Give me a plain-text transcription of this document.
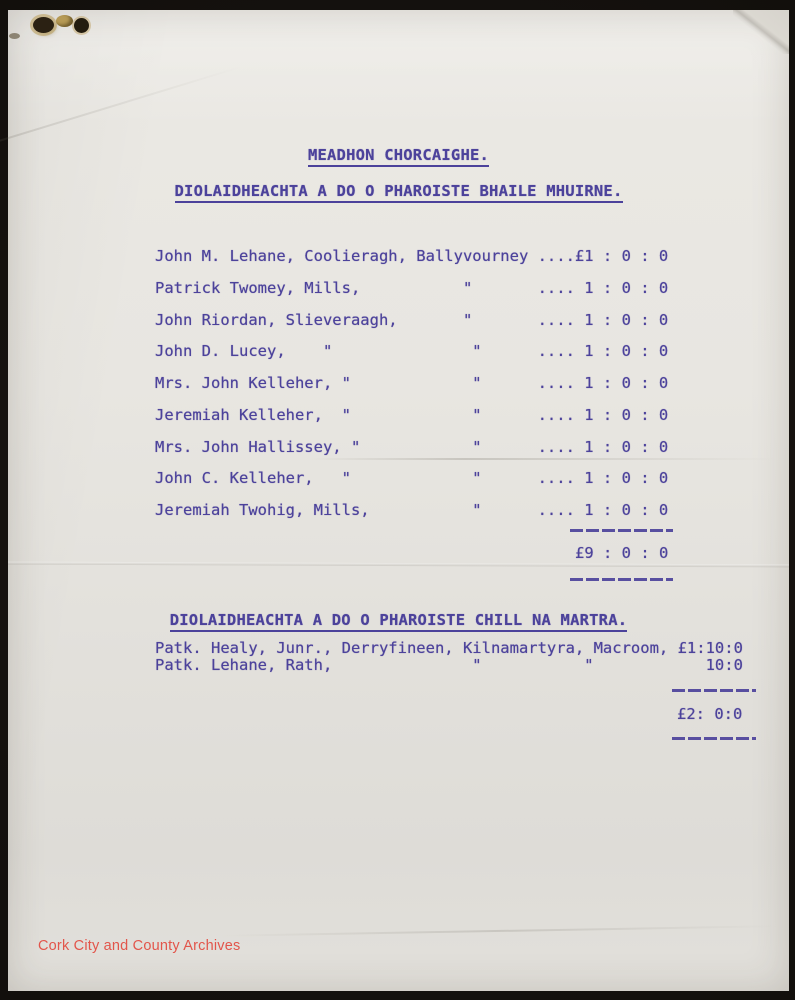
MEADHON CHORCAIGHE.
DIOLAIDHEACHTA A DO O PHAROISTE BHAILE MHUIRNE.
John M. Lehane, Coolieragh, Ballyvourney ....£1 : 0 : 0
Patrick Twomey, Mills,           "       .... 1 : 0 : 0
John Riordan, Slieveraagh,       "       .... 1 : 0 : 0
John D. Lucey,    "               "      .... 1 : 0 : 0
Mrs. John Kelleher, "             "      .... 1 : 0 : 0
Jeremiah Kelleher,  "             "      .... 1 : 0 : 0
Mrs. John Hallissey, "            "      .... 1 : 0 : 0
John C. Kelleher,   "             "      .... 1 : 0 : 0
Jeremiah Twohig, Mills,           "      .... 1 : 0 : 0
£9 : 0 : 0
DIOLAIDHEACHTA A DO O PHAROISTE CHILL NA MARTRA.
Patk. Healy, Junr., Derryfineen, Kilnamartyra, Macroom, £1:10:0
Patk. Lehane, Rath,               "           "            10:0
£2: 0:0
Cork City and County Archives
